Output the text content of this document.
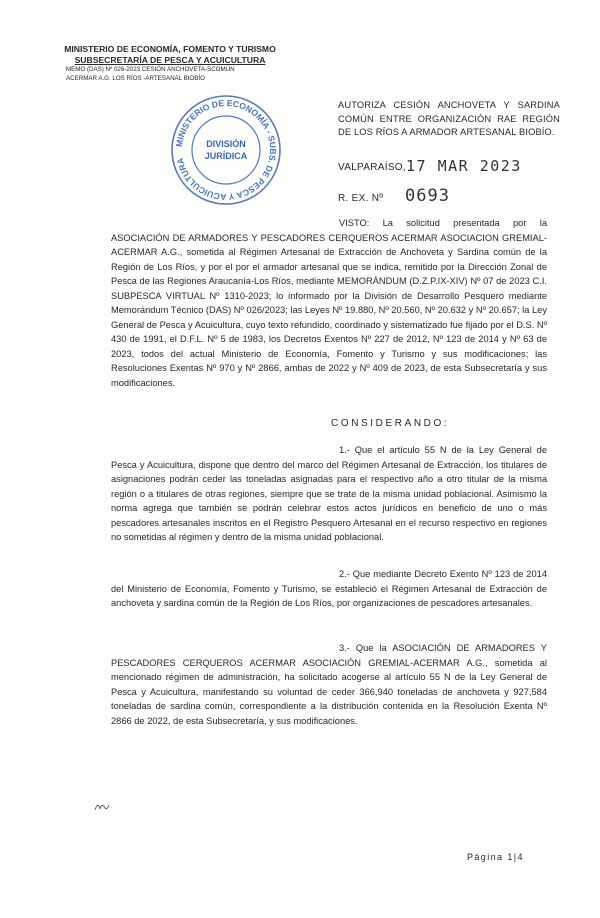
MINISTERIO DE ECONOMÍA, FOMENTO Y TURISMO
SUBSECRETARÍA DE PESCA Y ACUICULTURA
MEMO (DAS) Nº 026-2023 CESIÓN ANCHOVETA-SCOMÚN
ACERMAR A.G. LOS RÍOS -ARTESANAL BIOBÍO
MINISTERIO DE ECONOMÍA - SUBS. DE PESCA Y ACUICULTURA
DIVISIÓN
JURÍDICA
AUTORIZA CESIÓN ANCHOVETA Y SARDINA COMÚN ENTRE ORGANIZACIÓN RAE REGIÓN DE LOS RÍOS A ARMADOR ARTESANAL BIOBÍO.
VALPARAÍSO, 17 MAR 2023
R. EX. Nº 0693
VISTO: La solicitud presentada por la ASOCIACIÓN DE ARMADORES Y PESCADORES CERQUEROS ACERMAR ASOCIACION GREMIAL-ACERMAR A.G., sometida al Régimen Artesanal de Extracción de Anchoveta y Sardina común de la Región de Los Ríos, y por el por el armador artesanal que se indica, remitido por la Dirección Zonal de Pesca de las Regiones Araucanía-Los Ríos, mediante MEMORÁNDUM (D.Z.P.IX-XIV) Nº 07 de 2023 C.I. SUBPESCA VIRTUAL Nº 1310-2023; lo informado por la División de Desarrollo Pesquero mediante Memorándum Técnico (DAS) Nº 026/2023; las Leyes Nº 19.880, Nº 20.560, Nº 20.632 y Nº 20.657; la Ley General de Pesca y Acuicultura, cuyo texto refundido, coordinado y sistematizado fue fijado por el D.S. Nº 430 de 1991, el D.F.L. Nº 5 de 1983, los Decretos Exentos Nº 227 de 2012, Nº 123 de 2014 y Nº 63 de 2023, todos del actual Ministerio de Economía, Fomento y Turismo y sus modificaciones; las Resoluciones Exentas Nº 970 y Nº 2866, ambas de 2022 y Nº 409 de 2023, de esta Subsecretaría y sus modificaciones.
CONSIDERANDO:
1.- Que el artículo 55 N de la Ley General de Pesca y Acuicultura, dispone que dentro del marco del Régimen Artesanal de Extracción, los titulares de asignaciones podrán ceder las toneladas asignadas para el respectivo año a otro titular de la misma región o a titulares de otras regiones, siempre que se trate de la misma unidad poblacional. Asimismo la norma agrega que también se podrán celebrar estos actos jurídicos en beneficio de uno o más pescadores artesanales inscritos en el Registro Pesquero Artesanal en el recurso respectivo en regiones no sometidas al régimen y dentro de la misma unidad poblacional.
2.- Que mediante Decreto Exento Nº 123 de 2014 del Ministerio de Economía, Fomento y Turismo, se estableció el Régimen Artesanal de Extracción de anchoveta y sardina común de la Región de Los Ríos, por organizaciones de pescadores artesanales.
3.- Que la ASOCIACIÓN DE ARMADORES Y PESCADORES CERQUEROS ACERMAR ASOCIACIÓN GREMIAL-ACERMAR A.G., sometida al mencionado régimen de administración, ha solicitado acogerse al artículo 55 N de la Ley General de Pesca y Acuicultura, manifestando su voluntad de ceder 366,940 toneladas de anchoveta y 927,584 toneladas de sardina común, correspondiente a la distribución contenida en la Resolución Exenta Nº 2866 de 2022, de esta Subsecretaría, y sus modificaciones.
Página 1|4
